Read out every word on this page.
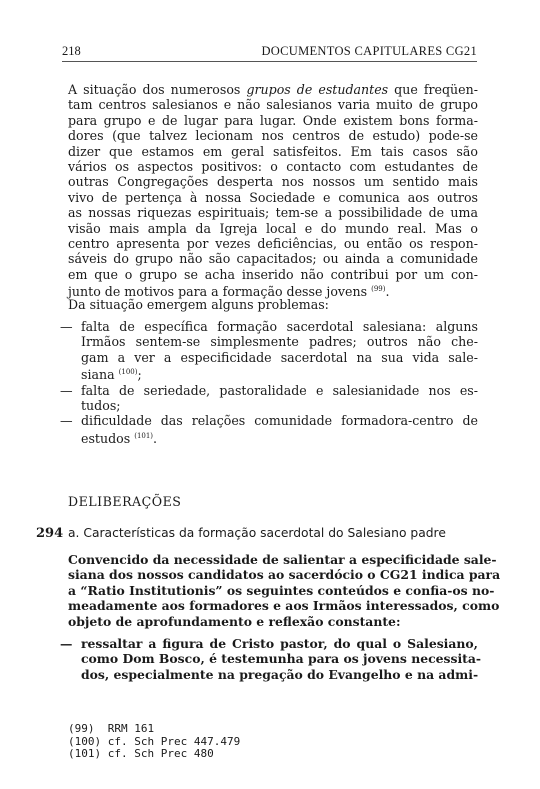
218	DOCUMENTOS CAPITULARES CG21
A situação dos numerosos grupos de estudantes que freqüen-
tam centros salesianos e não salesianos varia muito de grupo
para grupo e de lugar para lugar. Onde existem bons forma-
dores (que talvez lecionam nos centros de estudo) pode-se
dizer que estamos em geral satisfeitos. Em tais casos são
vários os aspectos positivos: o contacto com estudantes de
outras Congregações desperta nos nossos um sentido mais
vivo de pertença à nossa Sociedade e comunica aos outros
as nossas riquezas espirituais; tem-se a possibilidade de uma
visão mais ampla da Igreja local e do mundo real. Mas o
centro apresenta por vezes deficiências, ou então os respon-
sáveis do grupo não são capacitados; ou ainda a comunidade
em que o grupo se acha inserido não contribui por um con-
junto de motivos para a formação desse jovens $^{(99)}$.
Da situação emergem alguns problemas:
— falta de específica formação sacerdotal salesiana: alguns
Irmãos sentem-se simplesmente padres; outros não che-
gam a ver a especificidade sacerdotal na sua vida sale-
siana $^{(100)}$;
— falta de seriedade, pastoralidade e salesianidade nos es-
tudos;
— dificuldade das relações comunidade formadora-centro de
estudos $^{(101)}$.
DELIBERAÇÕES
294 a. Características da formação sacerdotal do Salesiano padre
Convencido da necessidade de salientar a especificidade sale-
siana dos nossos candidatos ao sacerdócio o CG21 indica para
a “Ratio Institutionis” os seguintes conteúdos e confia-os no-
meadamente aos formadores e aos Irmãos interessados, como
objeto de aprofundamento e reflexão constante:
— ressaltar a figura de Cristo pastor, do qual o Salesiano,
como Dom Bosco, é testemunha para os jovens necessita-
dos, especialmente na pregação do Evangelho e na admi-
(99)  RRM 161
(100) cf. Sch Prec 447.479
(101) cf. Sch Prec 480
